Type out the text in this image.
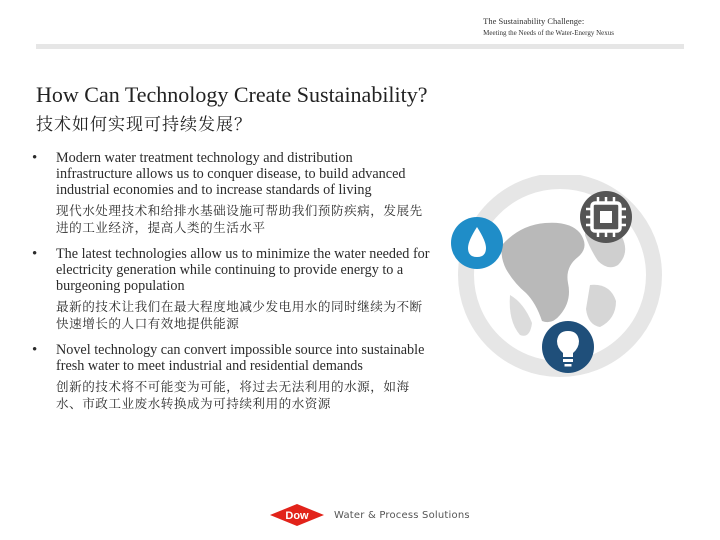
The Sustainability Challenge:
Meeting the Needs of the Water-Energy Nexus
How Can Technology Create Sustainability?
技术如何实现可持续发展？
•	Modern water treatment technology and distribution infrastructure allows us to conquer disease, to build advanced industrial economies and to increase standards of living
现代水处理技术和给排水基础设施可帮助我们预防疾病，发展先进的工业经济，提高人类的生活水平
•	The latest technologies allow us to minimize the water needed for electricity generation while continuing to provide energy to a burgeoning population
最新的技术让我们在最大程度地减少发电用水的同时继续为不断快速增长的人口有效地提供能源
•	Novel technology can convert impossible source into sustainable fresh water to meet industrial and residential demands
创新的技术将不可能变为可能，将过去无法利用的水源，如海水、市政工业废水转换成为可持续利用的水资源
Dow	Water & Process Solutions
